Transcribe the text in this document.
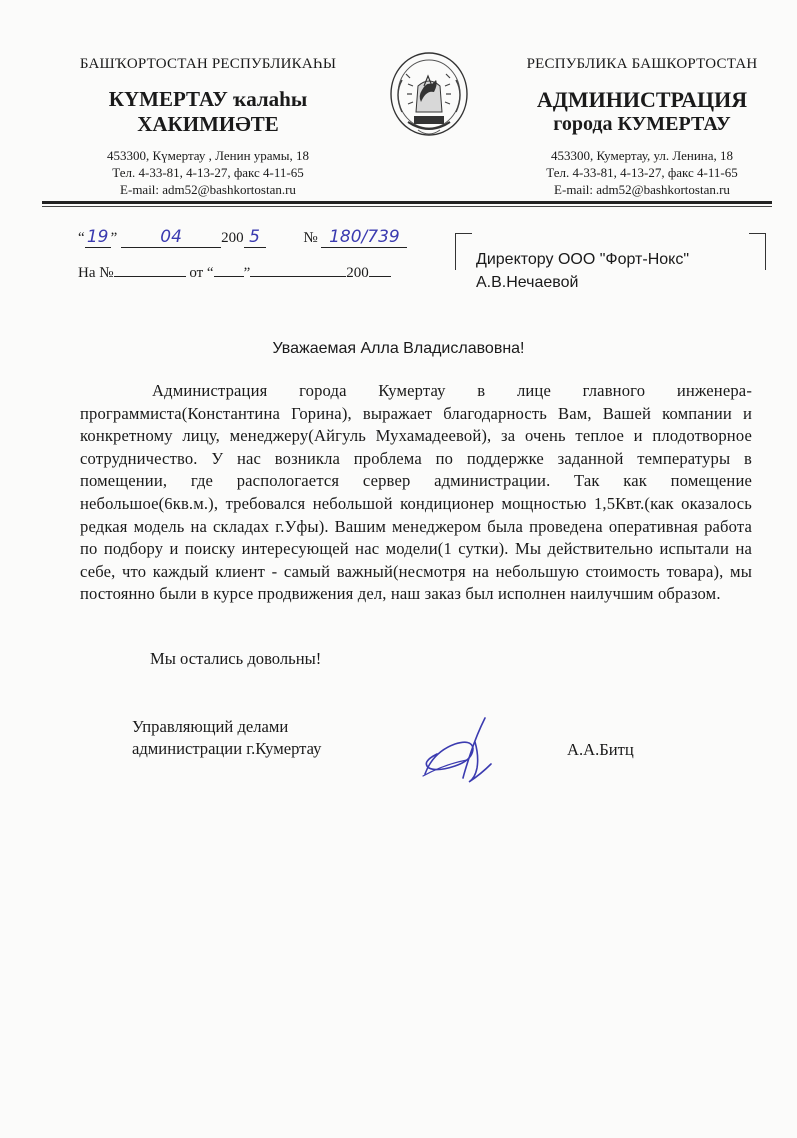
БАШҠОРТОСТАН РЕСПУБЛИКАҺЫ
КҮМЕРТАУ ҡалаһы
ХАКИМИӘТЕ
453300, Күмертау , Ленин урамы, 18
Тел. 4-33-81, 4-13-27, факс 4-11-65
E-mail: adm52@bashkortostan.ru
РЕСПУБЛИКА БАШКОРТОСТАН
АДМИНИСТРАЦИЯ
города КУМЕРТАУ
453300, Кумертау, ул. Ленина, 18
Тел. 4-33-81, 4-13-27, факс 4-11-65
E-mail: adm52@bashkortostan.ru
“ 19 ”	04	200 5	№ 180/739
На №	от “ ”	200
Директору ООО "Форт-Нокс"
А.В.Нечаевой
Уважаемая Алла Владиславовна!
Администрация города Кумертау в лице главного инженера-программиста(Константина Горина), выражает благодарность Вам, Вашей компании и конкретному лицу, менеджеру(Айгуль Мухамадеевой), за очень теплое и плодотворное сотрудничество. У нас возникла проблема по поддержке заданной температуры в помещении, где распологается сервер администрации. Так как помещение небольшое(6кв.м.), требовался небольшой кондиционер мощностью 1,5Квт.(как оказалось редкая модель на складах г.Уфы). Вашим менеджером была проведена оперативная работа по подбору и поиску интересующей нас модели(1 сутки). Мы действительно испытали на себе, что каждый клиент - самый важный(несмотря на небольшую стоимость товара), мы постоянно были в курсе продвижения дел, наш заказ был исполнен наилучшим образом.
Мы остались довольны!
Управляющий делами
администрации г.Кумертау	А.А.Битц
